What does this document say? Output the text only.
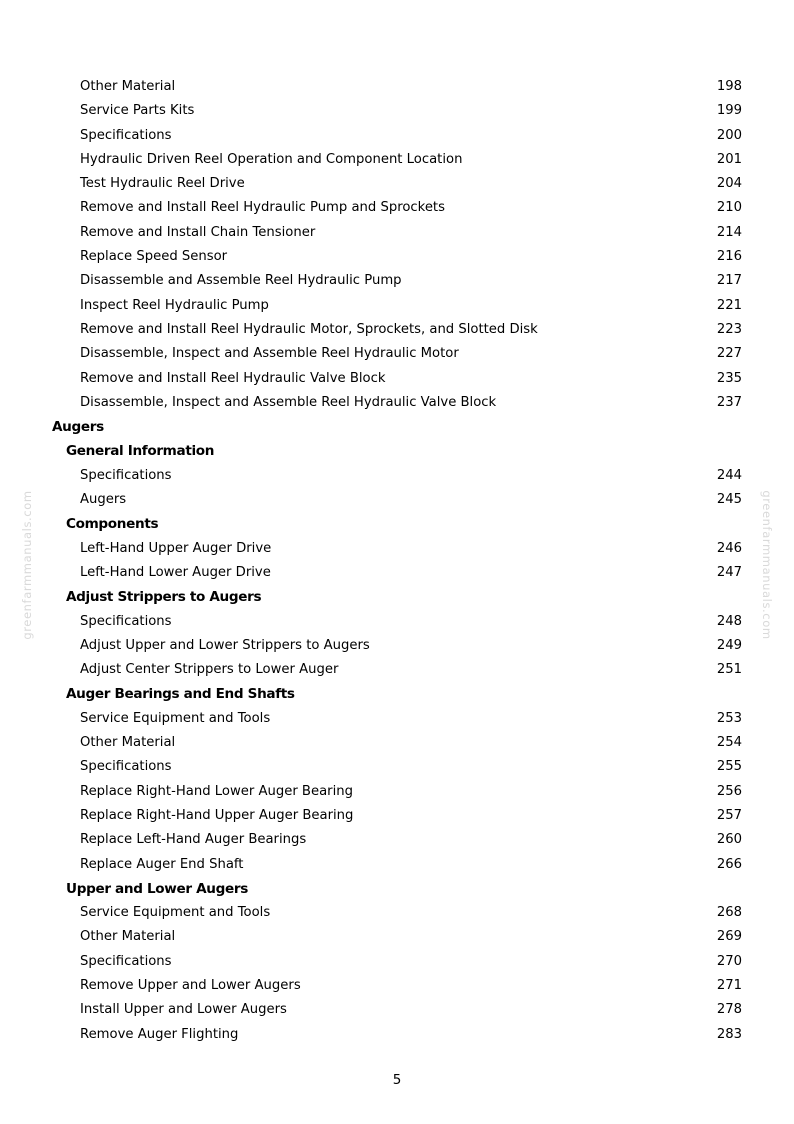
Other Material	198
Service Parts Kits	199
Specifications	200
Hydraulic Driven Reel Operation and Component Location	201
Test Hydraulic Reel Drive	204
Remove and Install Reel Hydraulic Pump and Sprockets	210
Remove and Install Chain Tensioner	214
Replace Speed Sensor	216
Disassemble and Assemble Reel Hydraulic Pump	217
Inspect Reel Hydraulic Pump	221
Remove and Install Reel Hydraulic Motor, Sprockets, and Slotted Disk	223
Disassemble, Inspect and Assemble Reel Hydraulic Motor	227
Remove and Install Reel Hydraulic Valve Block	235
Disassemble, Inspect and Assemble Reel Hydraulic Valve Block	237
Augers
General Information
Specifications	244
Augers	245
Components
Left-Hand Upper Auger Drive	246
Left-Hand Lower Auger Drive	247
Adjust Strippers to Augers
Specifications	248
Adjust Upper and Lower Strippers to Augers	249
Adjust Center Strippers to Lower Auger	251
Auger Bearings and End Shafts
Service Equipment and Tools	253
Other Material	254
Specifications	255
Replace Right-Hand Lower Auger Bearing	256
Replace Right-Hand Upper Auger Bearing	257
Replace Left-Hand Auger Bearings	260
Replace Auger End Shaft	266
Upper and Lower Augers
Service Equipment and Tools	268
Other Material	269
Specifications	270
Remove Upper and Lower Augers	271
Install Upper and Lower Augers	278
Remove Auger Flighting	283
greenfarmmanuals.com	greenfarmmanuals.com
5
